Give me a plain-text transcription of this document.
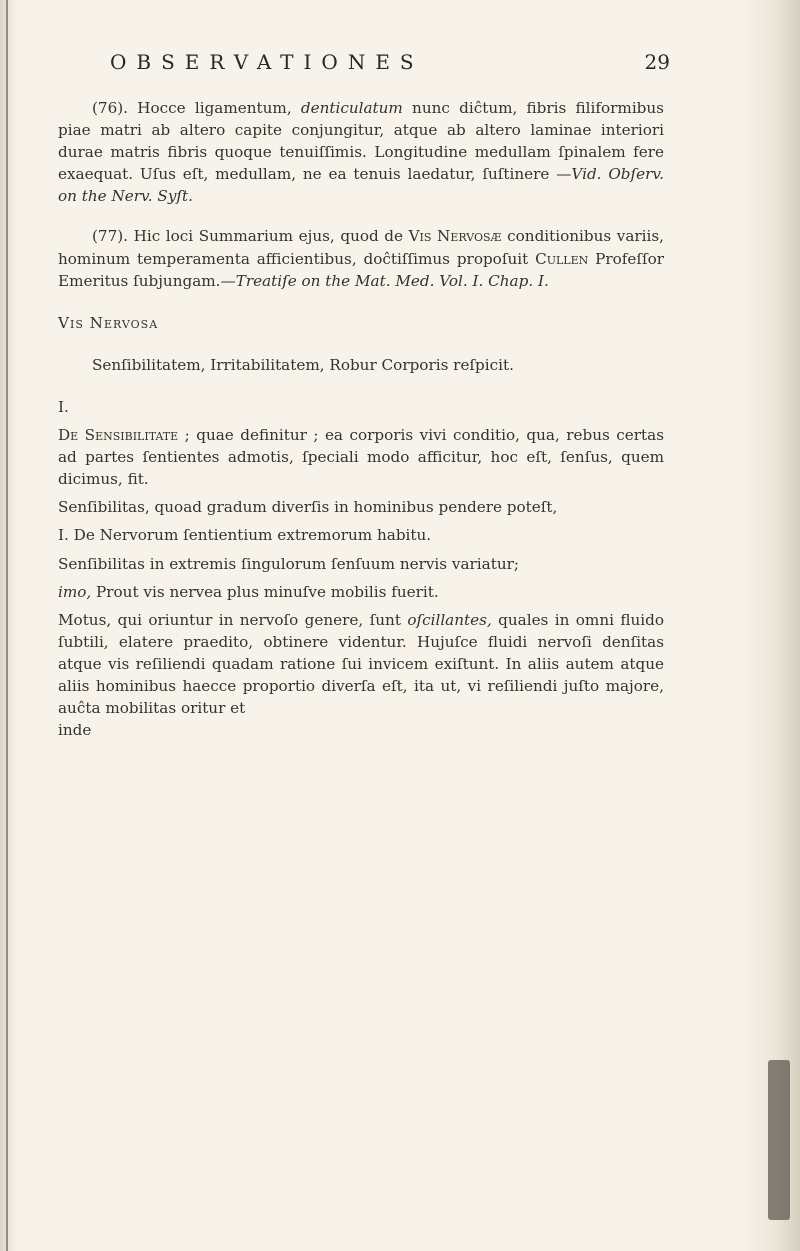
OBSERVATIONES	29

(76). Hocce ligamentum, denticulatum nunc diĉtum, fibris filiformibus piae matri ab altero capite conjungitur, atque ab altero laminae interiori durae matris fibris quoque tenuiſſimis. Longitudine medullam ſpinalem fere exaequat. Uſus eſt, medullam, ne ea tenuis laedatur, ſuſtinere —Vid. Obſerv. on the Nerv. Syſt.

(77). Hic loci Summarium ejus, quod de Vis Nervosæ conditionibus variis, hominum temperamenta afficientibus, doĉtiſſimus propoſuit Cullen Profeſſor Emeritus ſubjungam.—Treatiſe on the Mat. Med. Vol. I. Chap. I.

Vis Nervosa

Senſibilitatem, Irritabilitatem, Robur Corporis reſpicit.

I.

De Sensibilitate ; quae definitur ; ea corporis vivi conditio, qua, rebus certas ad partes ſentientes admotis, ſpeciali modo afficitur, hoc eſt, ſenſus, quem dicimus, fit.

Senſibilitas, quoad gradum diverſis in hominibus pendere poteſt,

I. De Nervorum ſentientium extremorum habitu.

Senſibilitas in extremis ſingulorum ſenſuum nervis variatur;

imo, Prout vis nervea plus minuſve mobilis fuerit.

Motus, qui oriuntur in nervoſo genere, ſunt oſcillantes, quales in omni fluido ſubtili, elatere praedito, obtinere videntur. Hujuſce fluidi nervoſi denſitas atque vis reſiliendi quadam ratione ſui invicem exiſtunt. In aliis autem atque aliis hominibus haecce proportio diverſa eſt, ita ut, vi reſiliendi juſto majore, auĉta mobilitas oritur et

inde
